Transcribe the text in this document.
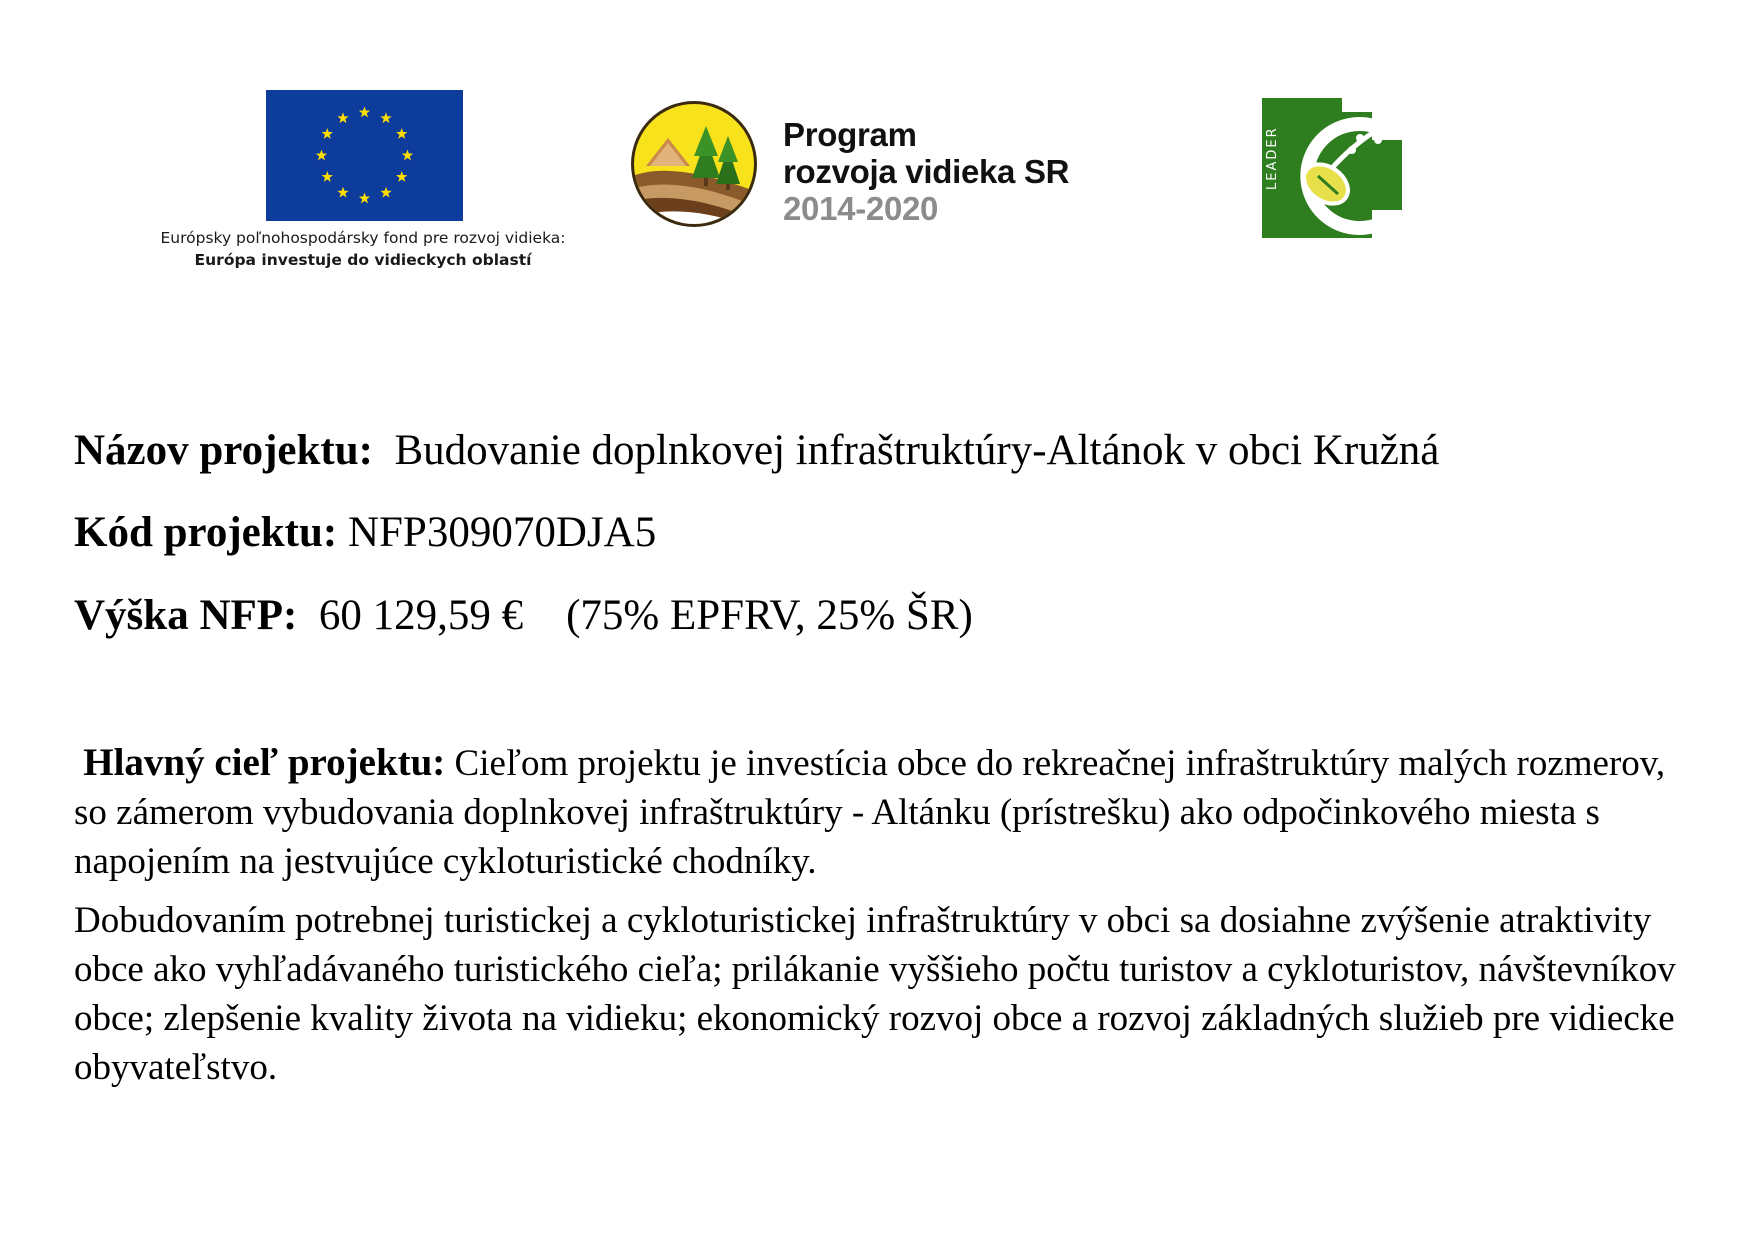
Európsky poľnohospodársky fond pre rozvoj vidieka:
Európa investuje do vidieckych oblastí
Program
rozvoja vidieka SR
2014-2020
LEADER
Názov projektu: Budovanie doplnkovej infraštruktúry-Altánok v obci Kružná
Kód projektu: NFP309070DJA5
Výška NFP: 60 129,59 € (75% EPFRV, 25% ŠR)

Hlavný cieľ projektu: Cieľom projektu je investícia obce do rekreačnej infraštruktúry malých rozmerov, so zámerom vybudovania doplnkovej infraštruktúry - Altánku (prístrešku) ako odpočinkového miesta s napojením na jestvujúce cykloturistické chodníky.

Dobudovaním potrebnej turistickej a cykloturistickej infraštruktúry v obci sa dosiahne zvýšenie atraktivity obce ako vyhľadávaného turistického cieľa; prilákanie vyššieho počtu turistov a cykloturistov, návštevníkov obce; zlepšenie kvality života na vidieku; ekonomický rozvoj obce a rozvoj základných služieb pre vidiecke obyvateľstvo.
